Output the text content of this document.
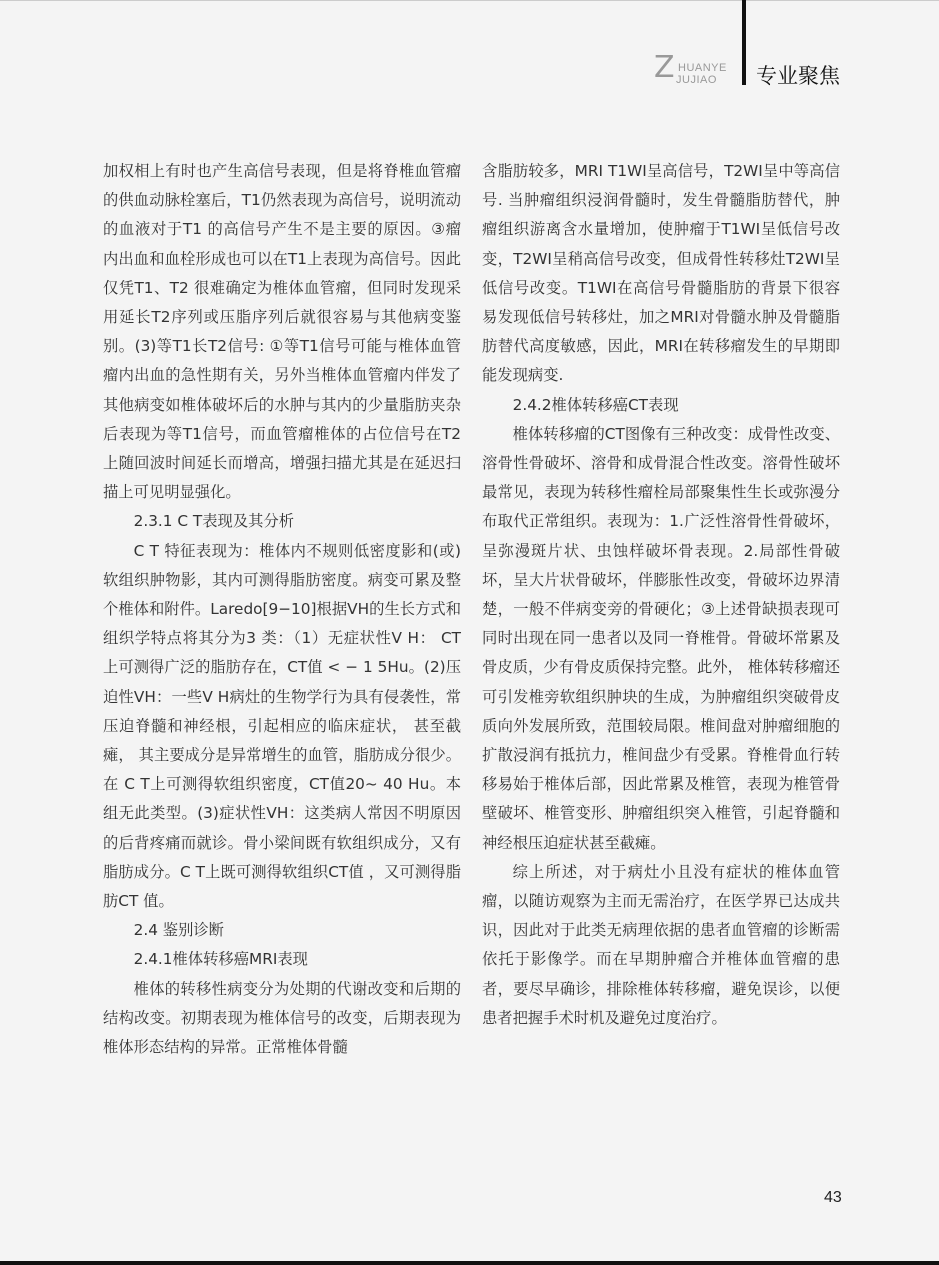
Z HUANYE
JUJIAO 专业聚焦

加权相上有时也产生高信号表现，但是将脊椎血管瘤的供血动脉栓塞后，T1仍然表现为高信号，说明流动的血液对于T1 的高信号产生不是主要的原因。③瘤内出血和血栓形成也可以在T1上表现为高信号。因此仅凭T1、T2 很难确定为椎体血管瘤，但同时发现采用延长T2序列或压脂序列后就很容易与其他病变鉴别。(3)等T1长T2信号: ①等T1信号可能与椎体血管瘤内出血的急性期有关，另外当椎体血管瘤内伴发了其他病变如椎体破坏后的水肿与其内的少量脂肪夹杂后表现为等T1信号，而血管瘤椎体的占位信号在T2上随回波时间延长而增高，增强扫描尤其是在延迟扫描上可见明显强化。

2.3.1 C T表现及其分析

C T 特征表现为：椎体内不规则低密度影和(或)软组织肿物影，其内可测得脂肪密度。病变可累及整个椎体和附件。Laredo[9−10]根据VH的生长方式和组织学特点将其分为3 类：（1）无症状性V H： CT上可测得广泛的脂肪存在，CT值 < − 1 5Hu。(2)压迫性VH：一些V H病灶的生物学行为具有侵袭性，常压迫脊髓和神经根，引起相应的临床症状， 甚至截瘫， 其主要成分是异常增生的血管，脂肪成分很少。在 C T上可测得软组织密度，CT值20~ 40 Hu。本组无此类型。(3)症状性VH：这类病人常因不明原因的后背疼痛而就诊。骨小梁间既有软组织成分，又有脂肪成分。C T上既可测得软组织CT值 ，又可测得脂肪CT 值。

2.4 鉴别诊断

2.4.1椎体转移癌MRI表现

椎体的转移性病变分为处期的代谢改变和后期的结构改变。初期表现为椎体信号的改变，后期表现为椎体形态结构的异常。正常椎体骨髓

含脂肪较多，MRI T1WI呈高信号，T2WI呈中等高信号. 当肿瘤组织浸润骨髓时，发生骨髓脂肪替代，肿瘤组织游离含水量增加，使肿瘤于T1WI呈低信号改变，T2WI呈稍高信号改变，但成骨性转移灶T2WI呈低信号改变。T1WI在高信号骨髓脂肪的背景下很容易发现低信号转移灶，加之MRI对骨髓水肿及骨髓脂肪替代高度敏感，因此，MRI在转移瘤发生的早期即能发现病变.

2.4.2椎体转移癌CT表现

椎体转移瘤的CT图像有三种改变：成骨性改变、溶骨性骨破坏、溶骨和成骨混合性改变。溶骨性破坏最常见，表现为转移性瘤栓局部聚集性生长或弥漫分布取代正常组织。表现为：1.广泛性溶骨性骨破坏，呈弥漫斑片状、虫蚀样破坏骨表现。2.局部性骨破坏，呈大片状骨破坏，伴膨胀性改变，骨破坏边界清楚，一般不伴病变旁的骨硬化；③上述骨缺损表现可同时出现在同一患者以及同一脊椎骨。骨破坏常累及骨皮质，少有骨皮质保持完整。此外， 椎体转移瘤还可引发椎旁软组织肿块的生成，为肿瘤组织突破骨皮质向外发展所致，范围较局限。椎间盘对肿瘤细胞的扩散浸润有抵抗力，椎间盘少有受累。脊椎骨血行转移易始于椎体后部，因此常累及椎管，表现为椎管骨壁破坏、椎管变形、肿瘤组织突入椎管，引起脊髓和神经根压迫症状甚至截瘫。

综上所述，对于病灶小且没有症状的椎体血管瘤，以随访观察为主而无需治疗，在医学界已达成共识，因此对于此类无病理依据的患者血管瘤的诊断需依托于影像学。而在早期肿瘤合并椎体血管瘤的患者，要尽早确诊，排除椎体转移瘤，避免误诊，以便患者把握手术时机及避免过度治疗。

43
